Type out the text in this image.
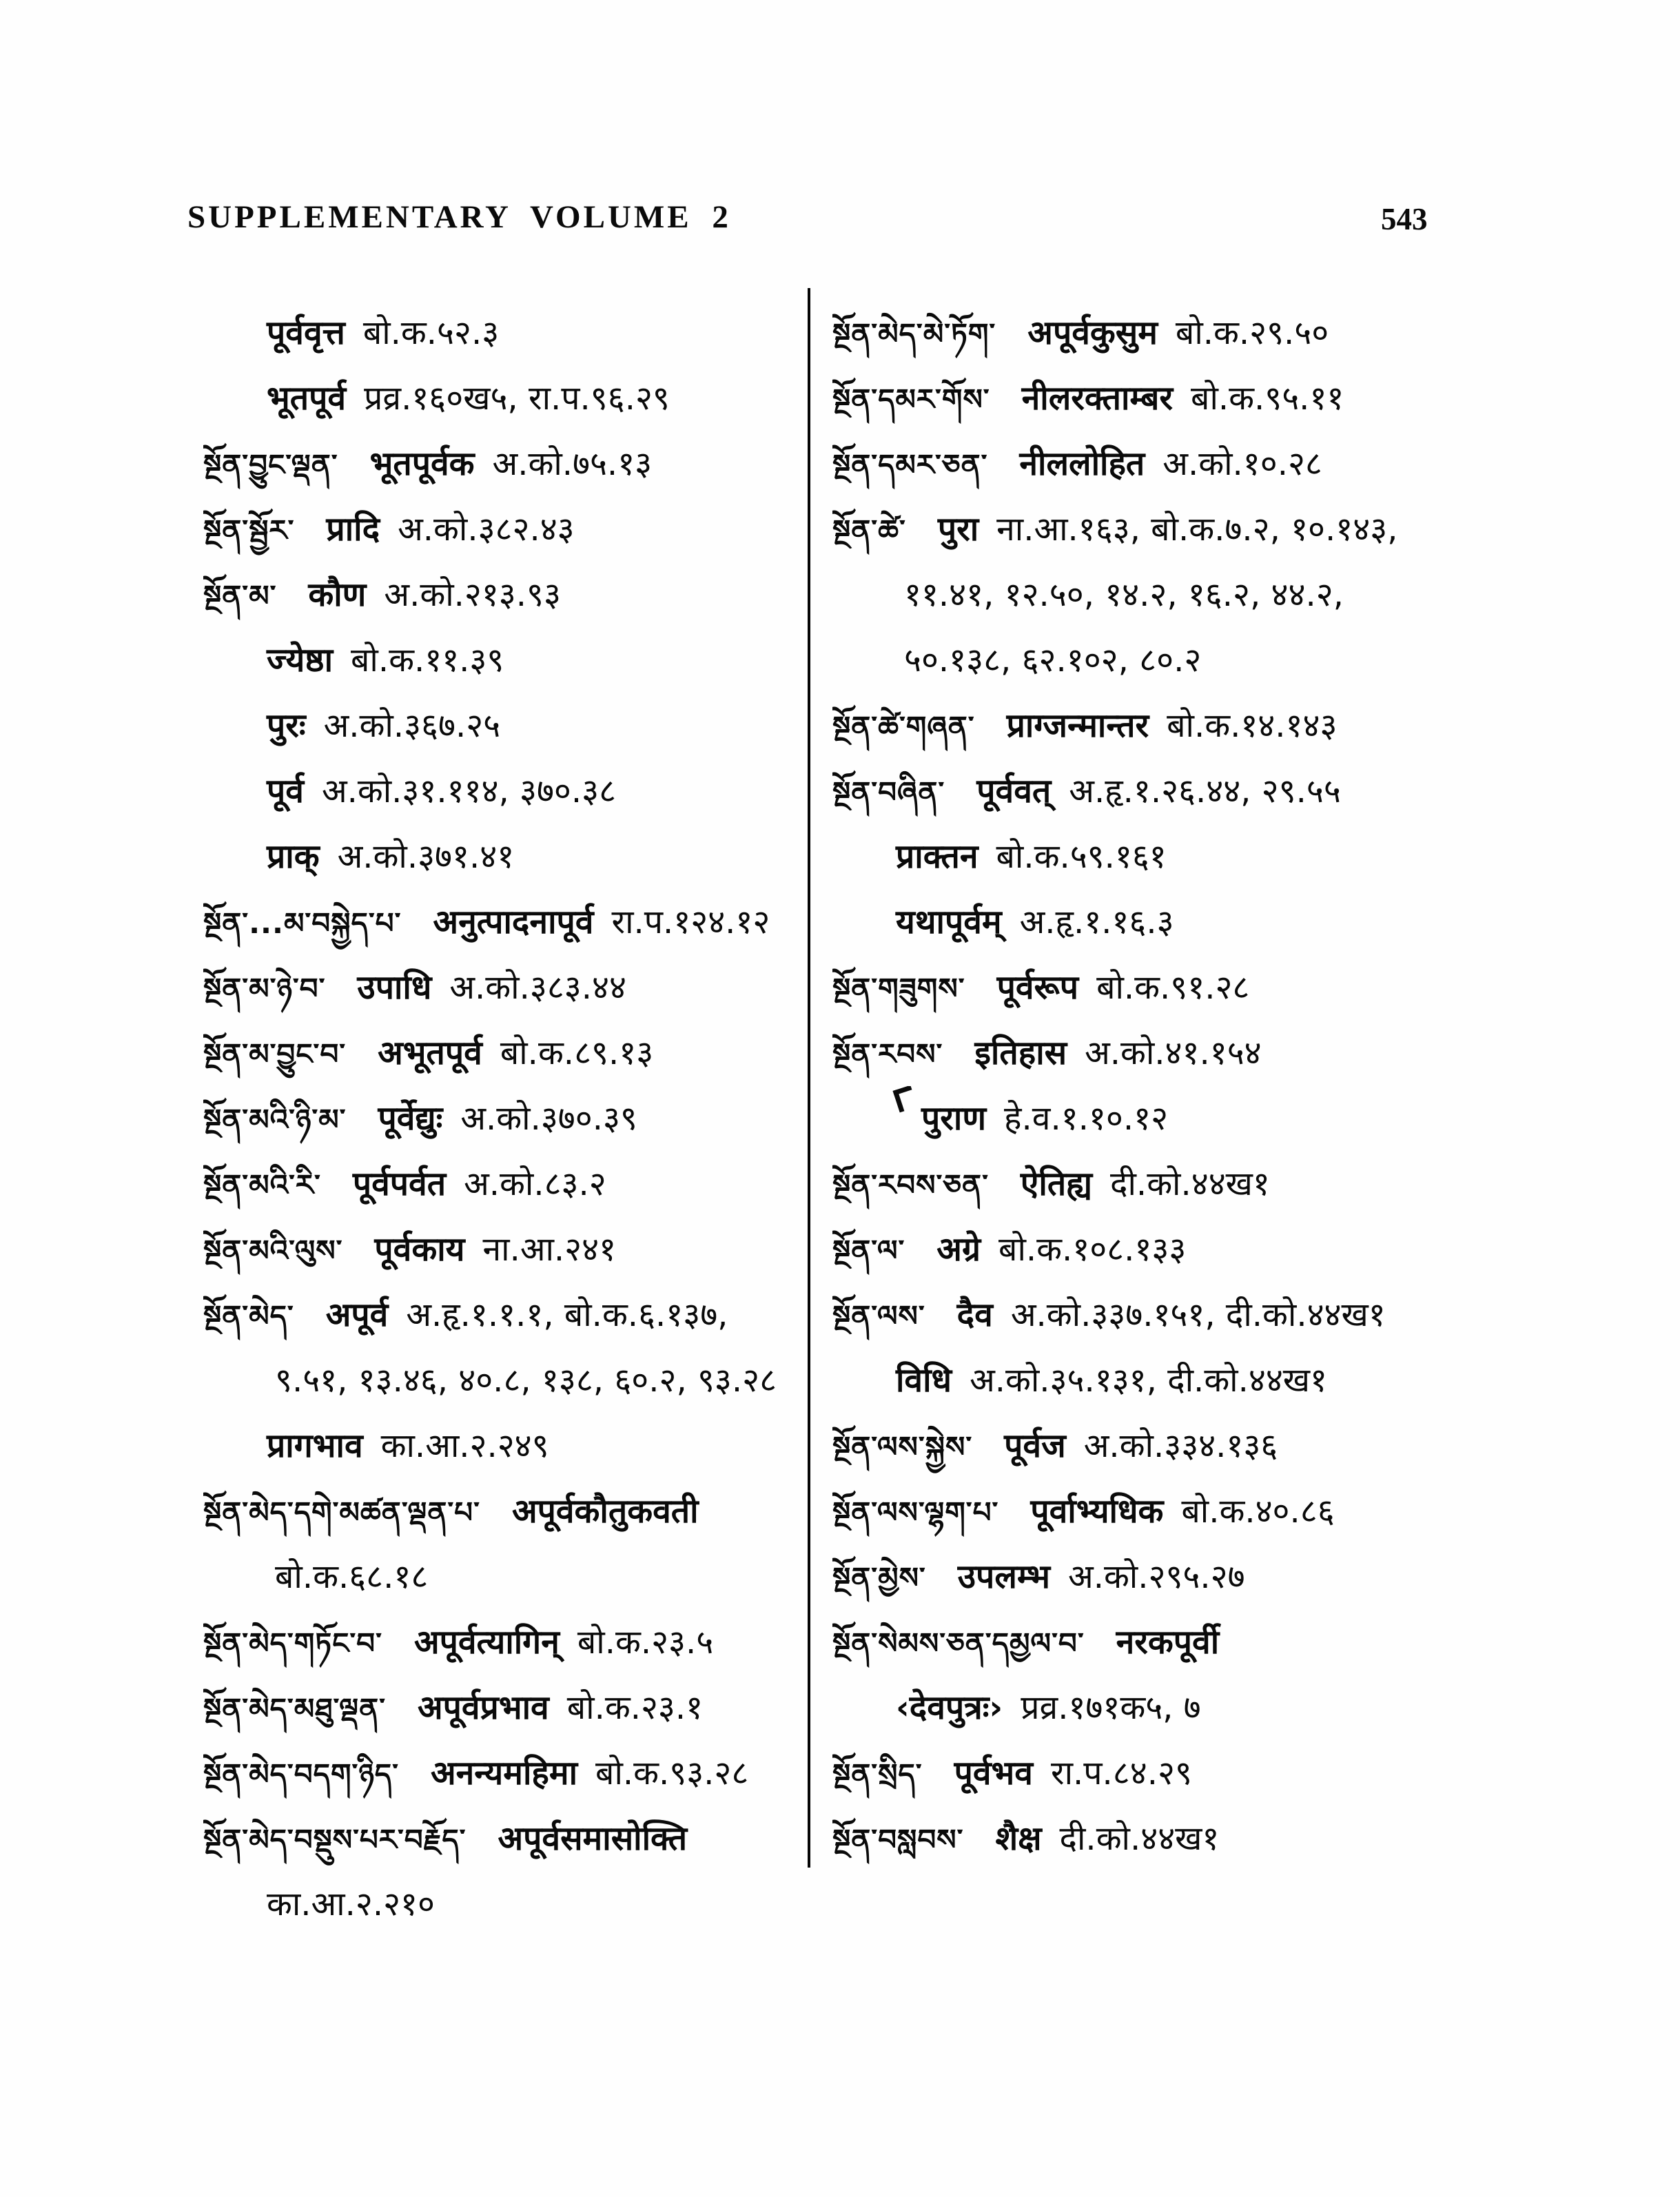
SUPPLEMENTARY VOLUME 2	543
पूर्ववृत्त बो.क.५२.३
भूतपूर्व प्रव्र.१६०ख५, रा.प.९६.२९
སྔོན་བྱུང་ལྡན་ भूतपूर्वक अ.को.७५.१३
སྔོན་སྦྱོར་ प्रादि अ.को.३८२.४३
སྔོན་མ་ कौण अ.को.२१३.९३
ज्येष्ठा बो.क.११.३९
पुरः अ.को.३६७.२५
पूर्व अ.को.३१.११४, ३७०.३८
प्राक् अ.को.३७१.४१
སྔོན་...མ་བསྐྱེད་པ་ अनुत्पादनापूर्व रा.प.१२४.१२
སྔོན་མ་ཉེ་བ་ उपाधि अ.को.३८३.४४
སྔོན་མ་བྱུང་བ་ अभूतपूर्व बो.क.८९.१३
སྔོན་མའི་ཉི་མ་ पूर्वेद्युः अ.को.३७०.३९
སྔོན་མའི་རི་ पूर्वपर्वत अ.को.८३.२
སྔོན་མའི་ལུས་ पूर्वकाय ना.आ.२४१
སྔོན་མེད་ अपूर्व अ.हृ.१.१.१, बो.क.६.१३७,
९.५१, १३.४६, ४०.८, १३८, ६०.२, ९३.२८
प्रागभाव का.आ.२.२४९
སྔོན་མེད་དགེ་མཚན་ལྡན་པ་ अपूर्वकौतुकवती
बो.क.६८.१८
སྔོན་མེད་གཏོང་བ་ अपूर्वत्यागिन् बो.क.२३.५
སྔོན་མེད་མཐུ་ལྡན་ अपूर्वप्रभाव बो.क.२३.१
སྔོན་མེད་བདག་ཉིད་ अनन्यमहिमा बो.क.९३.२८
སྔོན་མེད་བསྡུས་པར་བརྗོད་ अपूर्वसमासोक्ति
का.आ.२.२१०
སྔོན་མེད་མེ་ཏོག་ अपूर्वकुसुम बो.क.२९.५०
སྔོན་དམར་གོས་ नीलरक्ताम्बर बो.क.९५.११
སྔོན་དམར་ཅན་ नीललोहित अ.को.१०.२८
སྔོན་ཚེ་ पुरा ना.आ.१६३, बो.क.७.२, १०.१४३,
११.४१, १२.५०, १४.२, १६.२, ४४.२,
५०.१३८, ६२.१०२, ८०.२
སྔོན་ཚེ་གཞན་ प्राग्जन्मान्तर बो.क.१४.१४३
སྔོན་བཞིན་ पूर्ववत् अ.हृ.१.२६.४४, २९.५५
प्राक्तन बो.क.५९.१६१
यथापूर्वम् अ.हृ.१.१६.३
སྔོན་གཟུགས་ पूर्वरूप बो.क.९१.२८
སྔོན་རབས་ इतिहास अ.को.४१.१५४
पुराण हे.व.१.१०.१२
སྔོན་རབས་ཅན་ ऐतिह्य दी.को.४४ख१
སྔོན་ལ་ अग्रे बो.क.१०८.१३३
སྔོན་ལས་ दैव अ.को.३३७.१५१, दी.को.४४ख१
विधि अ.को.३५.१३१, दी.को.४४ख१
སྔོན་ལས་སྐྱེས་ पूर्वज अ.को.३३४.१३६
སྔོན་ལས་ལྷག་པ་ पूर्वाभ्यधिक बो.क.४०.८६
སྔོན་མྱེས་ उपलम्भ अ.को.२९५.२७
སྔོན་སེམས་ཅན་དམྱལ་བ་ नरकपूर्वी
‹देवपुत्रः› प्रव्र.१७१क५, ७
སྔོན་སྲིད་ पूर्वभव रा.प.८४.२९
སྔོན་བསླབས་ शैक्ष दी.को.४४ख१
